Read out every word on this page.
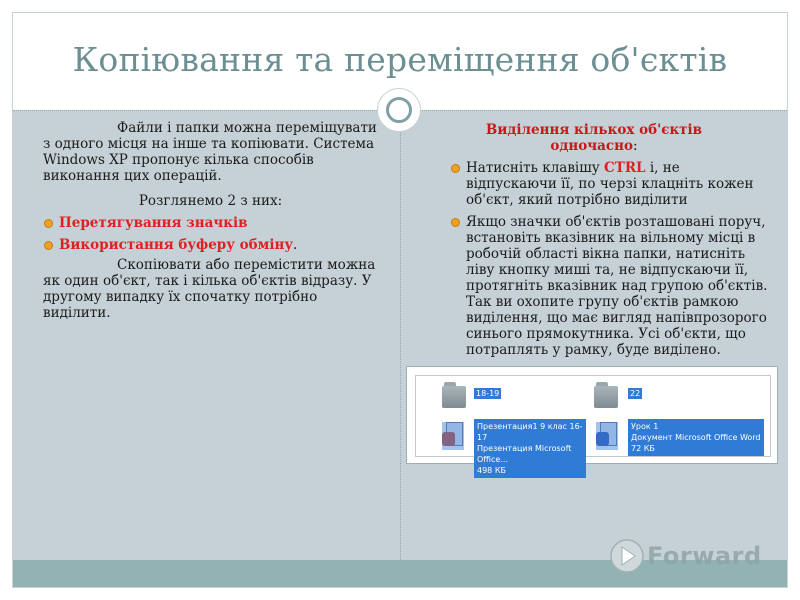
Копіювання та переміщення об'єктів

Файли і папки можна переміщувати з одного місця на інше та копіювати. Система Windows XP пропонує кілька способів виконання цих операцій.

Розглянемо 2 з них:

Перетягування значків
Використання буферу обміну.

Скопіювати або перемістити можна як один об'єкт, так і кілька об'єктів відразу. У другому випадку їх спочатку потрібно виділити.

Виділення кількох об'єктів одночасно:
Натисніть клавішу CTRL і, не відпускаючи її, по черзі клацніть кожен об'єкт, який потрібно виділити
Якщо значки об'єктів розташовані поруч, встановіть вказівник на вільному місці в робочій області вікна папки, натисніть ліву кнопку миші та, не відпускаючи її, протягніть вказівник над групою об'єктів. Так ви охопите групу об'єктів рамкою виділення, що має вигляд напівпрозорого синього прямокутника. Усі об'єкти, що потраплять у рамку, буде виділено.
18-19	22
Презентация1 9 клас 16-17
Презентация Microsoft Office...
498 КБ
Урок 1
Документ Microsoft Office Word
72 КБ
Forward
